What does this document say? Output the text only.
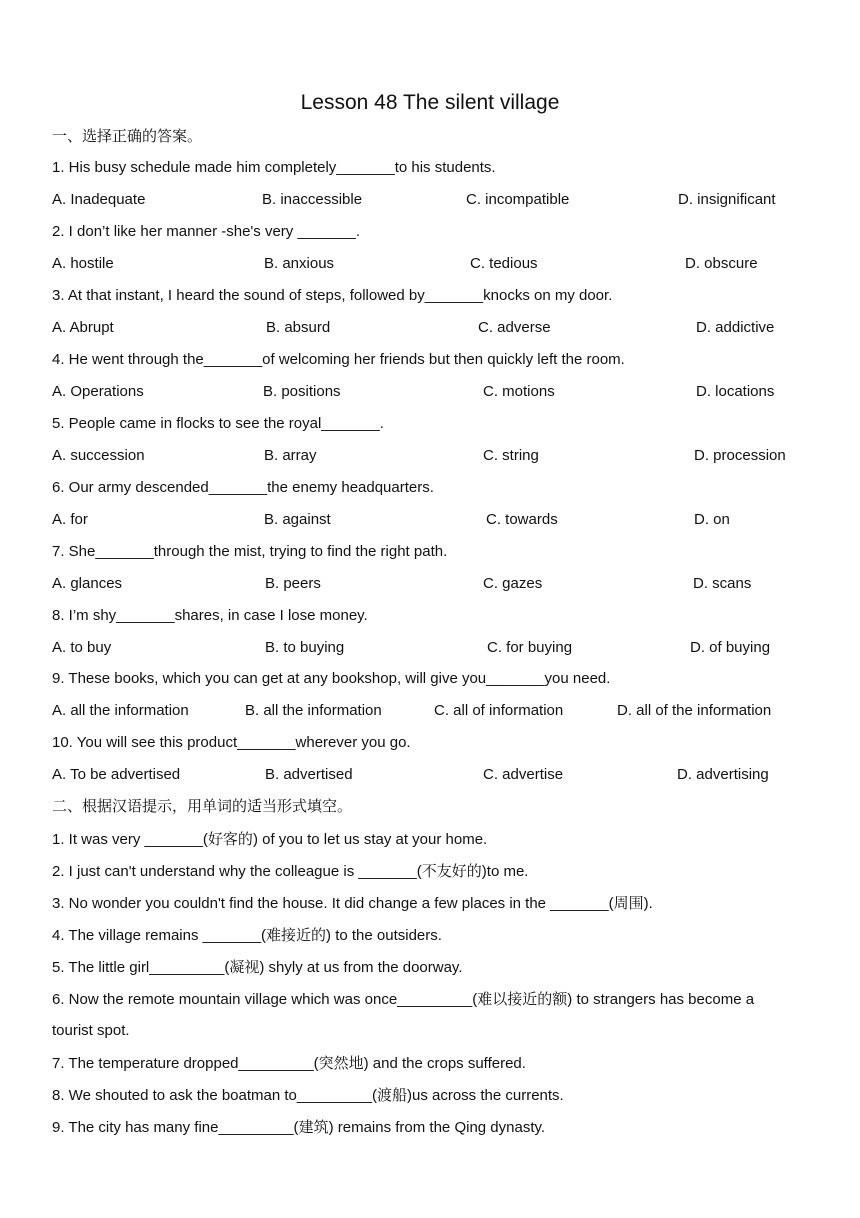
Lesson 48 The silent village
一、选择正确的答案。
1. His busy schedule made him completely_______to his students.
A. Inadequate	B. inaccessible	C. incompatible	D. insignificant
2. I don’t like her manner -she's very _______.
A. hostile	B. anxious	C. tedious	D. obscure
3. At that instant, I heard the sound of steps, followed by_______knocks on my door.
A. Abrupt	B. absurd	C. adverse	D. addictive
4. He went through the_______of welcoming her friends but then quickly left the room.
A. Operations	B. positions	C. motions	D. locations
5. People came in flocks to see the royal_______.
A. succession	B. array	C. string	D. procession
6. Our army descended_______the enemy headquarters.
A. for	B. against	C. towards	D. on
7. She_______through the mist, trying to find the right path.
A. glances	B. peers	C. gazes	D. scans
8. I’m shy_______shares, in case I lose money.
A. to buy	B. to buying	C. for buying	D. of buying
9. These books, which you can get at any bookshop, will give you_______you need.
A. all the information	B. all the information	C. all of information	D. all of the information
10. You will see this product_______wherever you go.
A. To be advertised	B. advertised	C. advertise	D. advertising
二、根据汉语提示，用单词的适当形式填空。
1. It was very _______(好客的) of you to let us stay at your home.
2. I just can't understand why the colleague is _______(不友好的)to me.
3. No wonder you couldn't find the house. It did change a few places in the _______(周围).
4. The village remains _______(难接近的) to the outsiders.
5. The little girl_________(凝视) shyly at us from the doorway.
6. Now the remote mountain village which was once_________(难以接近的额) to strangers has become a
tourist spot.
7. The temperature dropped_________(突然地) and the crops suffered.
8. We shouted to ask the boatman to_________(渡船)us across the currents.
9. The city has many fine_________(建筑) remains from the Qing dynasty.
